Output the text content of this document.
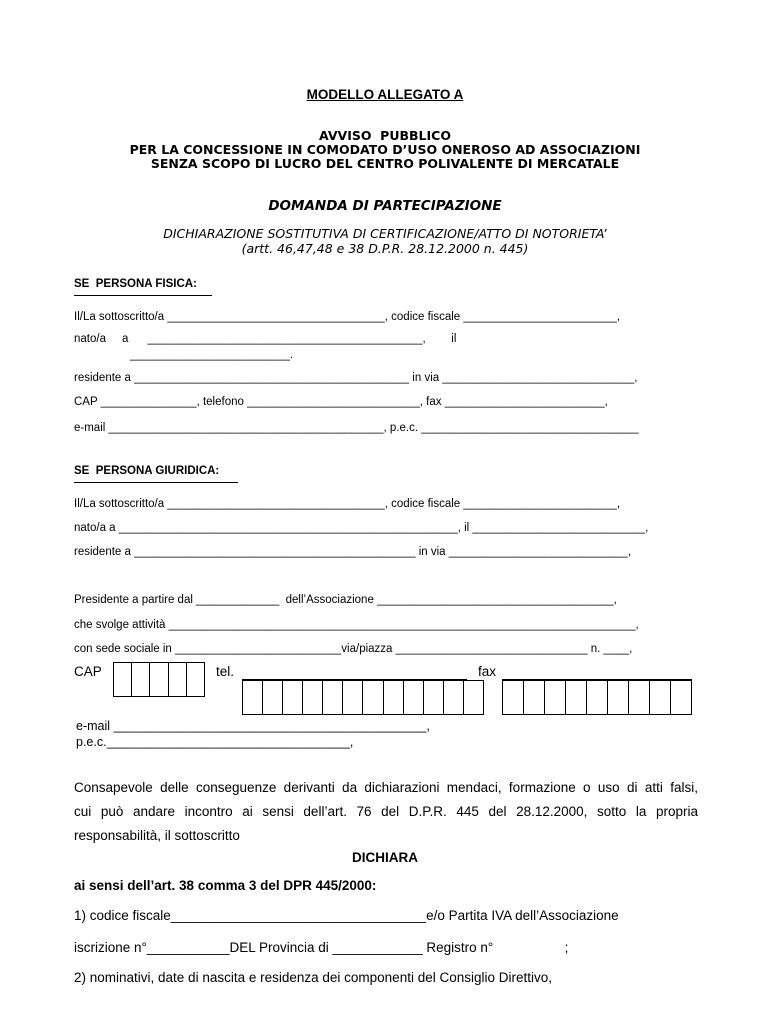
MODELLO ALLEGATO A
AVVISO  PUBBLICO
PER LA CONCESSIONE IN COMODATO D’USO ONEROSO AD ASSOCIAZIONI
SENZA SCOPO DI LUCRO DEL CENTRO POLIVALENTE DI MERCATALE
DOMANDA DI PARTECIPAZIONE
DICHIARAZIONE SOSTITUTIVA DI CERTIFICAZIONE/ATTO DI NOTORIETA’
(artt. 46,47,48 e 38 D.P.R. 28.12.2000 n. 445)
SE  PERSONA FISICA:
Il/La sottoscritto/a __________________________________, codice fiscale ________________________,
nato/a     a      ___________________________________________,        il
_________________________.
residente a ___________________________________________ in via ______________________________,
CAP _______________, telefono ___________________________, fax _________________________,
e-mail ___________________________________________, p.e.c. __________________________________
SE  PERSONA GIURIDICA:
Il/La sottoscritto/a __________________________________, codice fiscale ________________________,
nato/a a _____________________________________________________, il ___________________________,
residente a ____________________________________________ in via ____________________________,
Presidente a partire dal _____________  dell’Associazione _____________________________________,
che svolge attività _________________________________________________________________________,
con sede sociale in __________________________via/piazza ______________________________ n. ____,
CAP	tel.	fax
e-mail _____________________________________________,
p.e.c.___________________________________,
Consapevole delle conseguenze derivanti da dichiarazioni mendaci, formazione o uso di atti falsi,
cui può andare incontro ai sensi dell’art. 76 del D.P.R. 445 del 28.12.2000, sotto la propria
responsabilità, il sottoscritto
DICHIARA
ai sensi dell’art. 38 comma 3 del DPR 445/2000:
1) codice fiscale__________________________________e/o Partita IVA dell’Associazione
iscrizione n°___________DEL Provincia di ____________ Registro n°                   ;
2) nominativi, date di nascita e residenza dei componenti del Consiglio Direttivo,
